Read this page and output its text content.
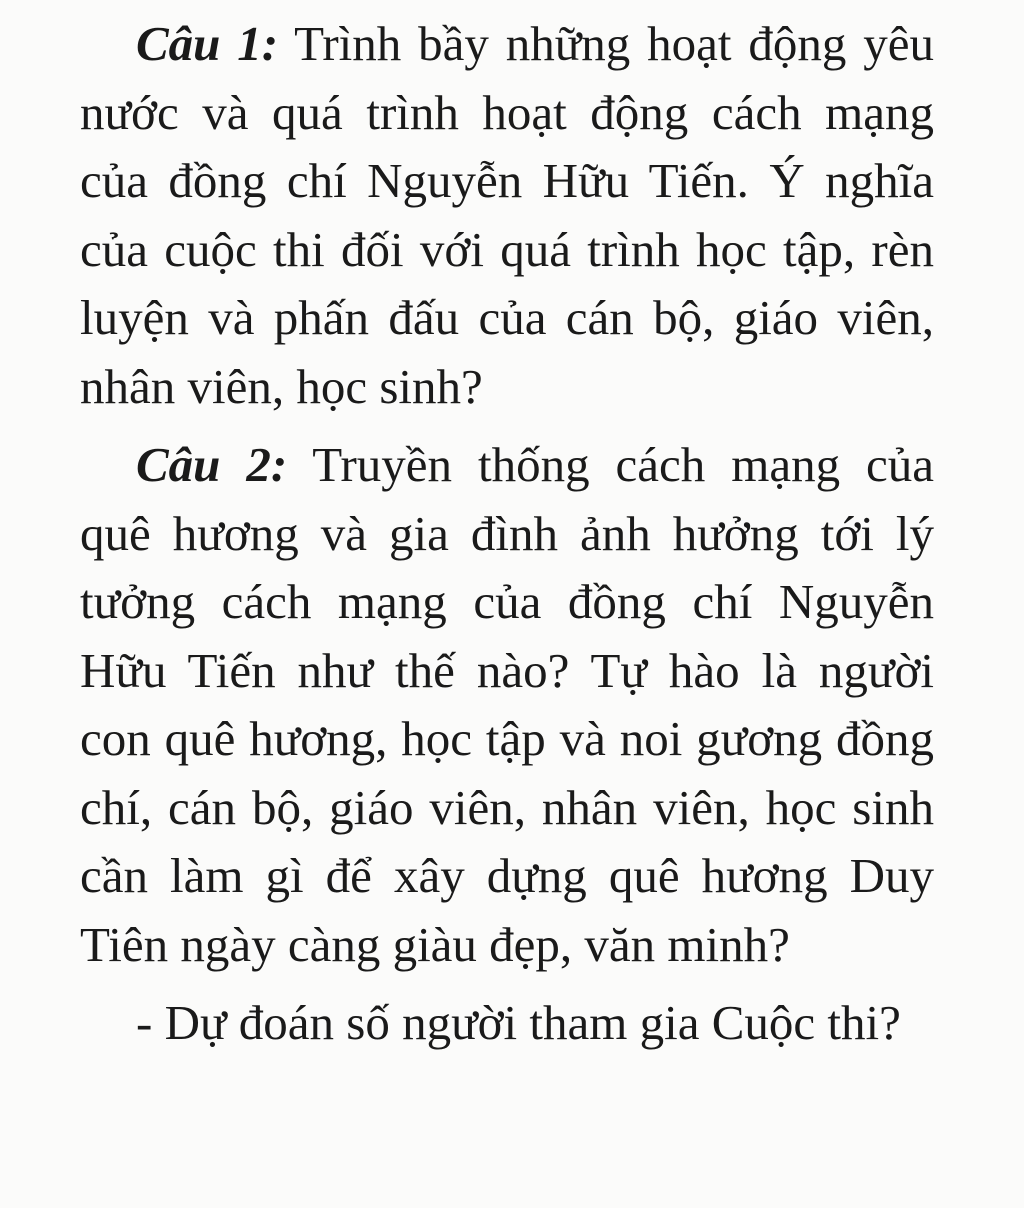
Câu 1: Trình bầy những hoạt động yêu nước và quá trình hoạt động cách mạng của đồng chí Nguyễn Hữu Tiến. Ý nghĩa của cuộc thi đối với quá trình học tập, rèn luyện và phấn đấu của cán bộ, giáo viên, nhân viên, học sinh?

Câu 2: Truyền thống cách mạng của quê hương và gia đình ảnh hưởng tới lý tưởng cách mạng của đồng chí Nguyễn Hữu Tiến như thế nào? Tự hào là người con quê hương, học tập và noi gương đồng chí, cán bộ, giáo viên, nhân viên, học sinh cần làm gì để xây dựng quê hương Duy Tiên ngày càng giàu đẹp, văn minh?

- Dự đoán số người tham gia Cuộc thi?
